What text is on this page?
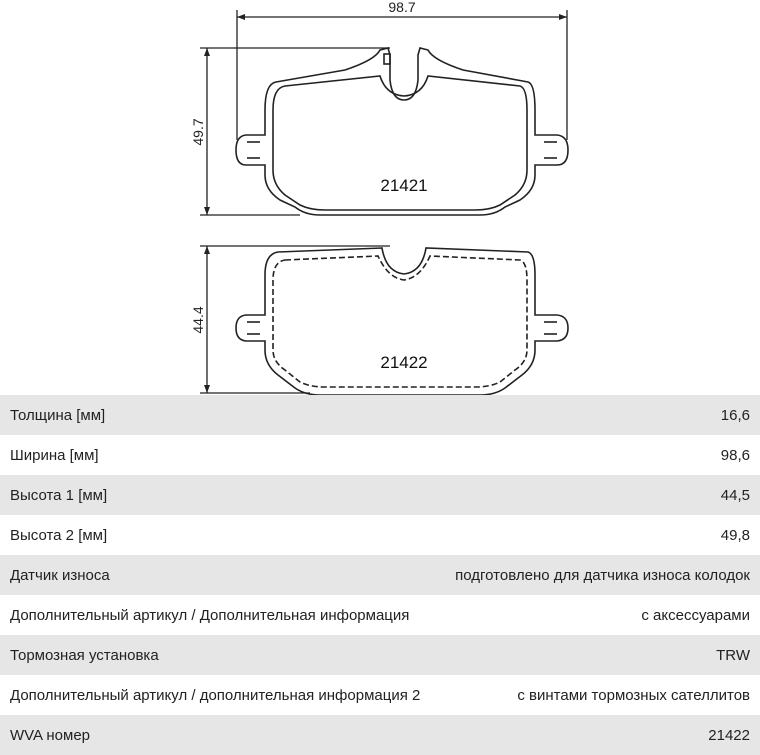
21421
21422
98.7
49.7
44.4
Толщина [мм]	16,6
Ширина [мм]	98,6
Высота 1 [мм]	44,5
Высота 2 [мм]	49,8
Датчик износа	подготовлено для датчика износа колодок
Дополнительный артикул / Дополнительная информация	с аксессуарами
Тормозная установка	TRW
Дополнительный артикул / дополнительная информация 2	с винтами тормозных сателлитов
WVA номер	21422
